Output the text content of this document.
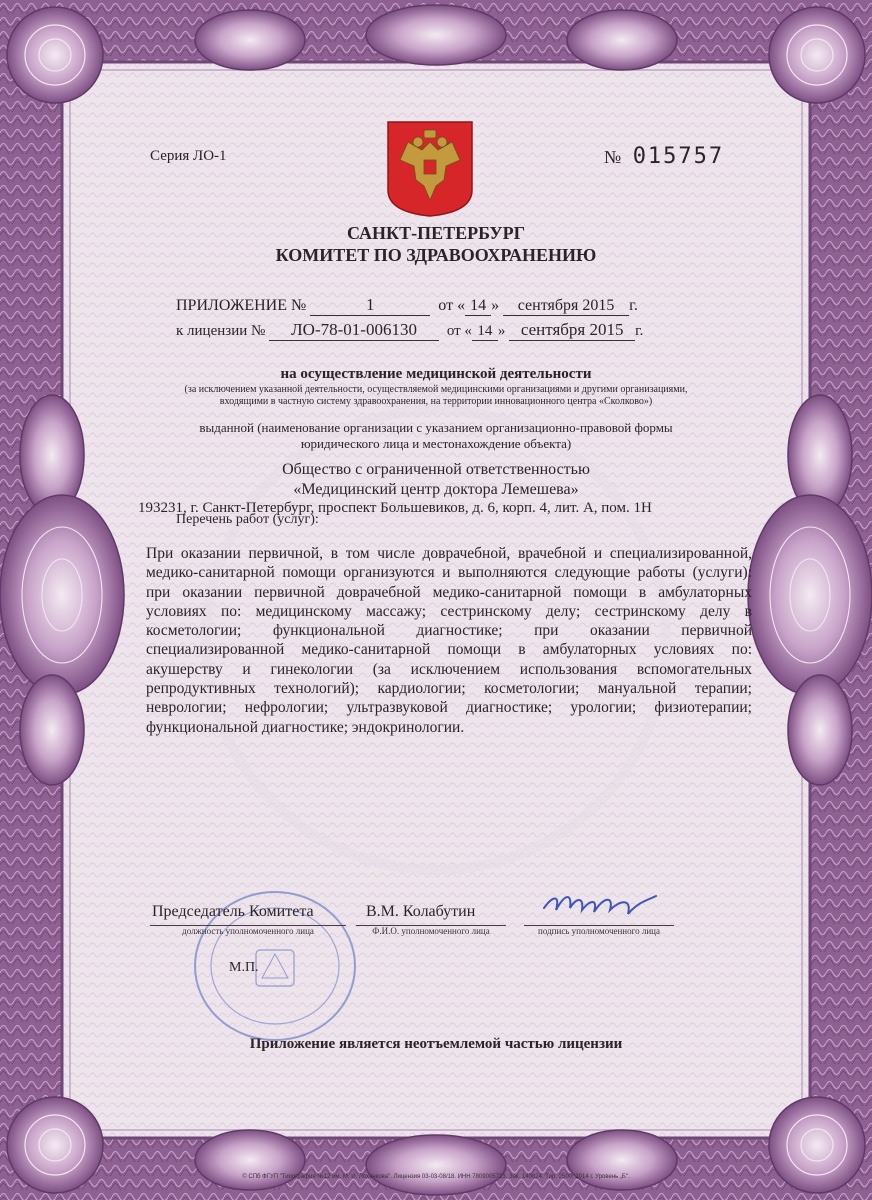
Серия ЛО-1	№ 015757
САНКТ-ПЕТЕРБУРГ
КОМИТЕТ ПО ЗДРАВООХРАНЕНИЮ
ПРИЛОЖЕНИЕ №	1	от « 14 » сентября 2015 г.
к лицензии № ЛО-78-01-006130 от « 14 » сентября 2015 г.
на осуществление медицинской деятельности
(за исключением указанной деятельности, осуществляемой медицинскими организациями и другими организациями, входящими в частную систему здравоохранения, на территории инновационного центра «Сколково»)
выданной (наименование организации с указанием организационно-правовой формы юридического лица и местонахождение объекта)
Общество с ограниченной ответственностью
«Медицинский центр доктора Лемешева»
193231, г. Санкт-Петербург, проспект Большевиков, д. 6, корп. 4, лит. А, пом. 1Н
Перечень работ (услуг):
При оказании первичной, в том числе доврачебной, врачебной и специализированной, медико-санитарной помощи организуются и выполняются следующие работы (услуги): при оказании первичной доврачебной медико-санитарной помощи в амбулаторных условиях по: медицинскому массажу; сестринскому делу; сестринскому делу в косметологии; функциональной диагностике; при оказании первичной специализированной медико-санитарной помощи в амбулаторных условиях по: акушерству и гинекологии (за исключением использования вспомогательных репродуктивных технологий); кардиологии; косметологии; мануальной терапии; неврологии; нефрологии; ультразвуковой диагностике; урологии; физиотерапии; функциональной диагностике; эндокринологии.
Председатель Комитета	В.М. Колабутин
должность уполномоченного лица	Ф.И.О. уполномоченного лица	подпись уполномоченного лица
М.П.
Приложение является неотъемлемой частью лицензии
© СПб ФГУП "Типография №12 им. М. И. Лоханкова". Лицензия 03-03-08/18. ИНН 7809005713. Зак. 140824. Тир. 2500. 2014 г. Уровень „Б".
